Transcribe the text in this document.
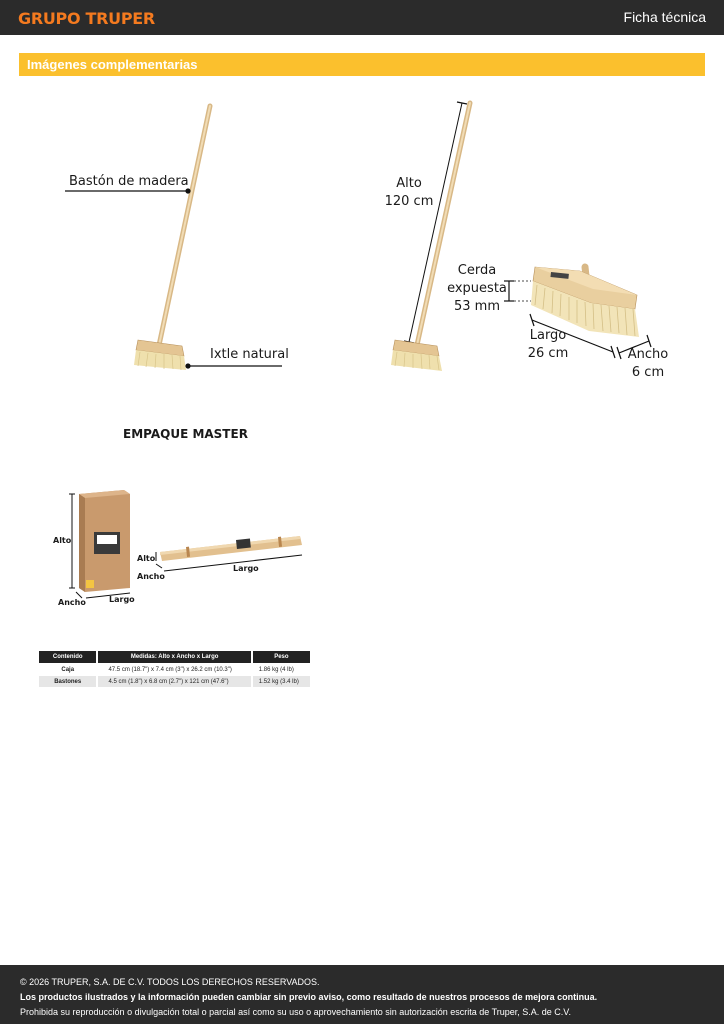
GRUPO TRUPER	Ficha técnica
Imágenes complementarias
Bastón de madera
Ixtle natural
Alto
120 cm
Cerda
expuesta
53 mm
Largo
26 cm	Ancho
6 cm
EMPAQUE MASTER
Alto
Ancho	Largo
Alto
Ancho
Largo
Contenido	Medidas: Alto x Ancho x Largo	Peso
Caja	47.5 cm (18.7") x 7.4 cm (3") x 26.2 cm (10.3")	1.86 kg (4 lb)
Bastones	4.5 cm (1.8") x 6.8 cm (2.7") x 121 cm (47.6")	1.52 kg (3.4 lb)
© 2026 TRUPER, S.A. DE C.V. TODOS LOS DERECHOS RESERVADOS.
Los productos ilustrados y la información pueden cambiar sin previo aviso, como resultado de nuestros procesos de mejora continua.
Prohibida su reproducción o divulgación total o parcial así como su uso o aprovechamiento sin autorización escrita de Truper, S.A. de C.V.
